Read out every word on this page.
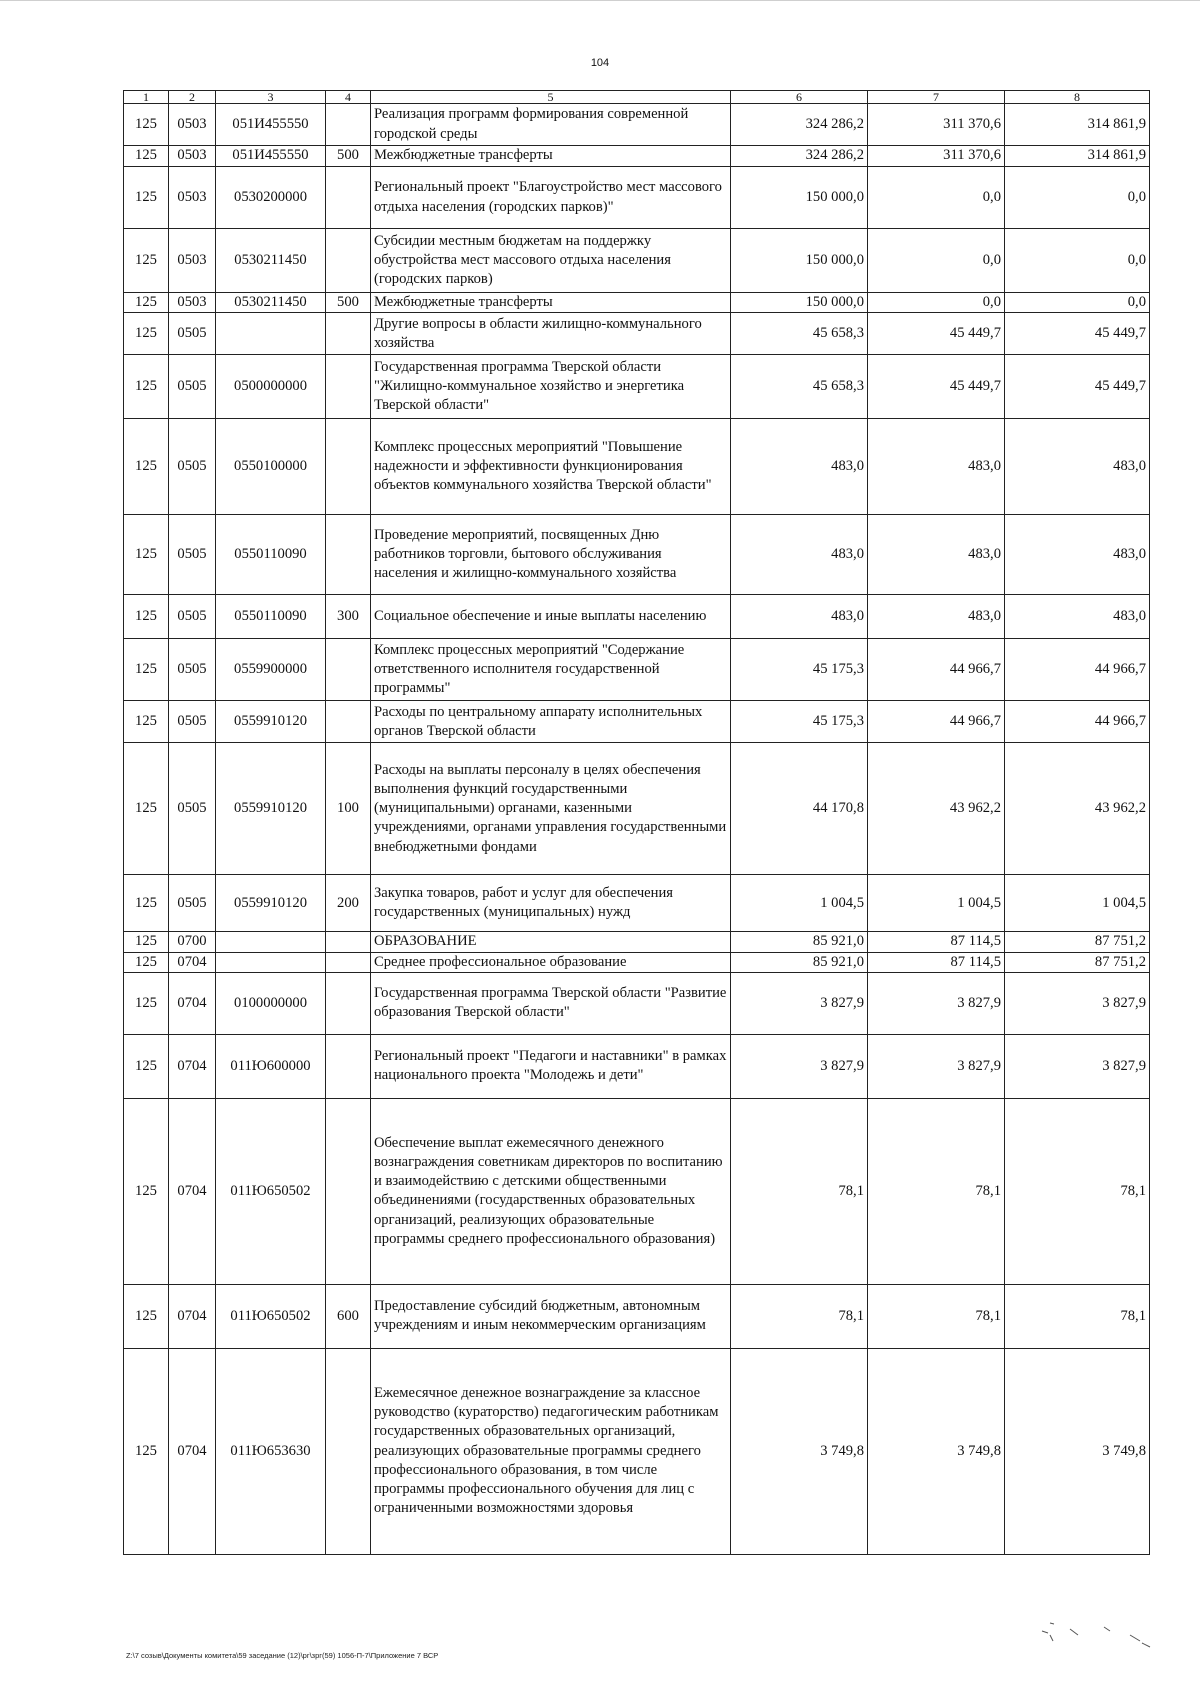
104
1	2	3	4	5	6	7	8
125	0503	051И455550		Реализация программ формирования современной городской среды	324 286,2	311 370,6	314 861,9
125	0503	051И455550	500	Межбюджетные трансферты	324 286,2	311 370,6	314 861,9
125	0503	0530200000		Региональный проект "Благоустройство мест массового отдыха населения (городских парков)"	150 000,0	0,0	0,0
125	0503	0530211450		Субсидии местным бюджетам на поддержку обустройства мест массового отдыха населения (городских парков)	150 000,0	0,0	0,0
125	0503	0530211450	500	Межбюджетные трансферты	150 000,0	0,0	0,0
125	0505			Другие вопросы в области жилищно-коммунального хозяйства	45 658,3	45 449,7	45 449,7
125	0505	0500000000		Государственная программа Тверской области "Жилищно-коммунальное хозяйство и энергетика Тверской области"	45 658,3	45 449,7	45 449,7
125	0505	0550100000		Комплекс процессных мероприятий "Повышение надежности и эффективности функционирования объектов коммунального хозяйства Тверской области"	483,0	483,0	483,0
125	0505	0550110090		Проведение мероприятий, посвященных Дню работников торговли, бытового обслуживания населения и жилищно-коммунального хозяйства	483,0	483,0	483,0
125	0505	0550110090	300	Социальное обеспечение и иные выплаты населению	483,0	483,0	483,0
125	0505	0559900000		Комплекс процессных мероприятий "Содержание ответственного исполнителя государственной программы"	45 175,3	44 966,7	44 966,7
125	0505	0559910120		Расходы по центральному аппарату исполнительных органов Тверской области	45 175,3	44 966,7	44 966,7
125	0505	0559910120	100	Расходы на выплаты персоналу в целях обеспечения выполнения функций государственными (муниципальными) органами, казенными учреждениями, органами управления государственными внебюджетными фондами	44 170,8	43 962,2	43 962,2
125	0505	0559910120	200	Закупка товаров, работ и услуг для обеспечения государственных (муниципальных) нужд	1 004,5	1 004,5	1 004,5
125	0700			ОБРАЗОВАНИЕ	85 921,0	87 114,5	87 751,2
125	0704			Среднее профессиональное образование	85 921,0	87 114,5	87 751,2
125	0704	0100000000		Государственная программа Тверской области "Развитие образования Тверской области"	3 827,9	3 827,9	3 827,9
125	0704	011Ю600000		Региональный проект "Педагоги и наставники" в рамках национального проекта "Молодежь и дети"	3 827,9	3 827,9	3 827,9
125	0704	011Ю650502		Обеспечение выплат ежемесячного денежного вознаграждения советникам директоров по воспитанию и взаимодействию с детскими общественными объединениями (государственных образовательных организаций, реализующих образовательные программы среднего профессионального образования)	78,1	78,1	78,1
125	0704	011Ю650502	600	Предоставление субсидий бюджетным, автономным учреждениям и иным некоммерческим организациям	78,1	78,1	78,1
125	0704	011Ю653630		Ежемесячное денежное вознаграждение за классное руководство (кураторство) педагогическим работникам государственных образовательных организаций, реализующих образовательные программы среднего профессионального образования, в том числе программы профессионального обучения для лиц с ограниченными возможностями здоровья	3 749,8	3 749,8	3 749,8
Z:\7 созыв\Документы комитета\59 заседание (12)\рг\зрг(59) 1056-П-7\Приложение 7 ВСР
